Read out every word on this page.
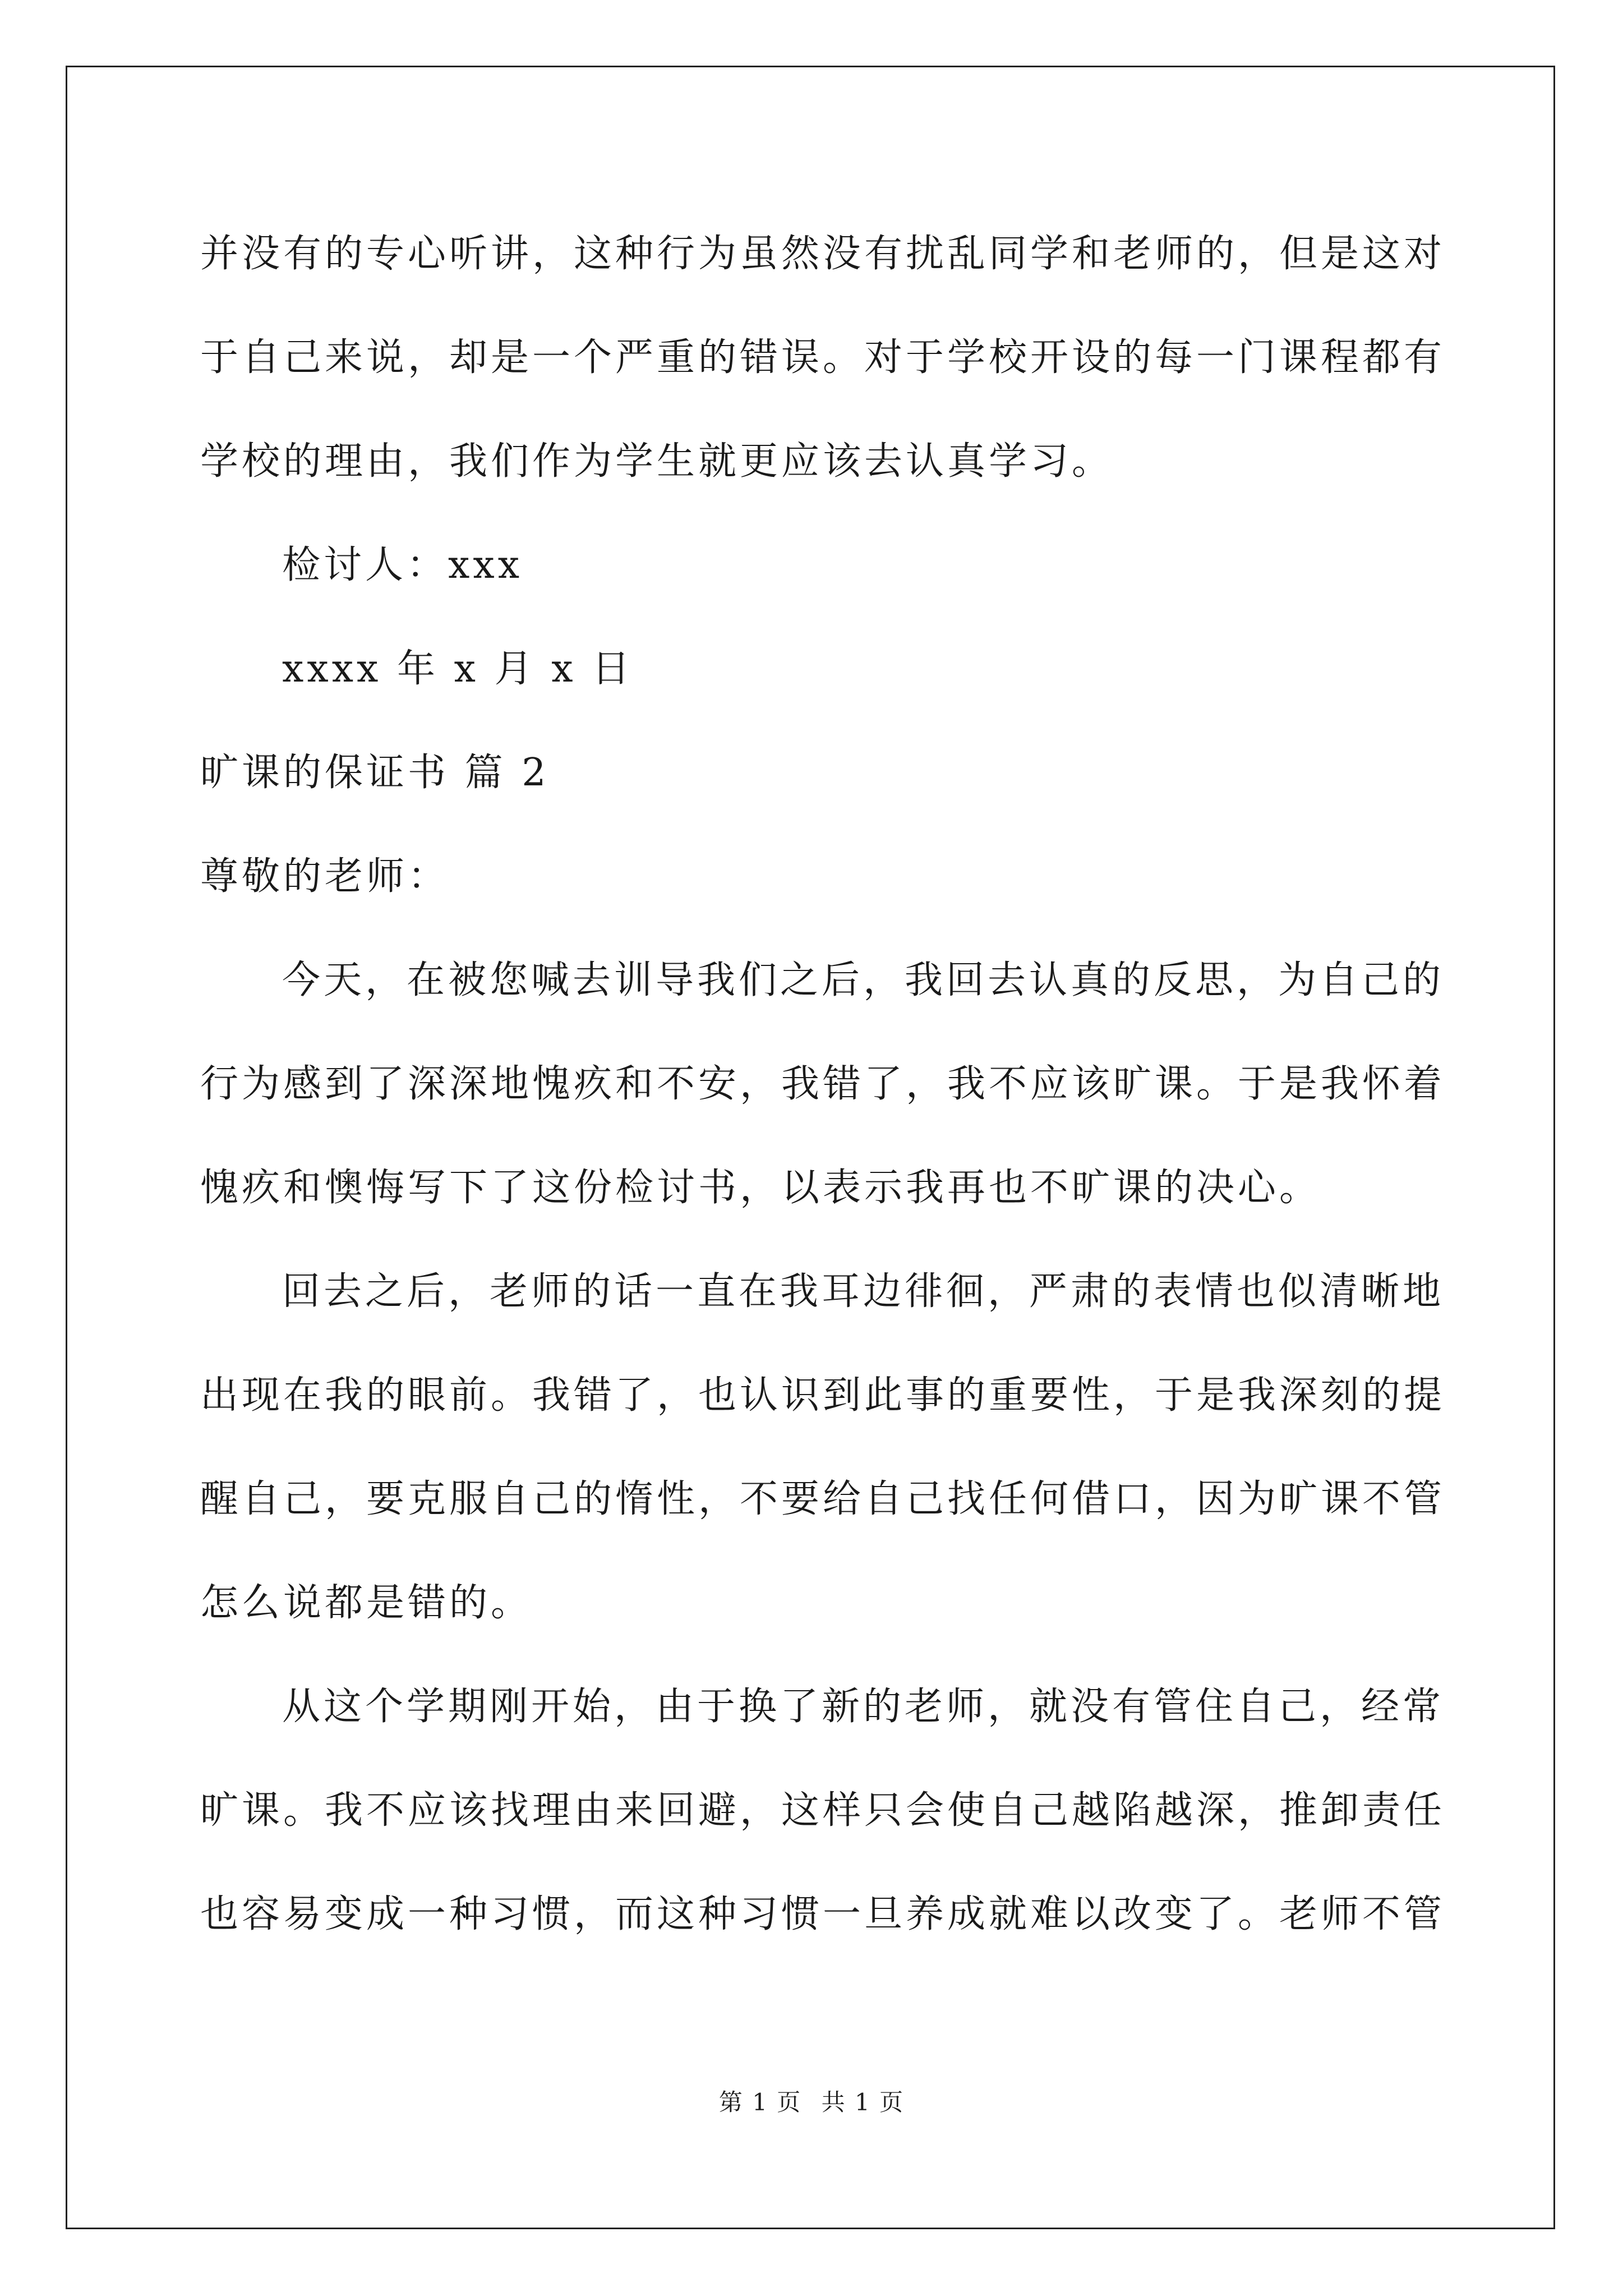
并没有的专心听讲，这种行为虽然没有扰乱同学和老师的，但是这对
于自己来说，却是一个严重的错误。对于学校开设的每一门课程都有
学校的理由，我们作为学生就更应该去认真学习。
检讨人：xxx
xxxx 年 x 月 x 日
旷课的保证书 篇 2
尊敬的老师：
今天，在被您喊去训导我们之后，我回去认真的反思，为自己的
行为感到了深深地愧疚和不安，我错了，我不应该旷课。于是我怀着
愧疚和懊悔写下了这份检讨书，以表示我再也不旷课的决心。
回去之后，老师的话一直在我耳边徘徊，严肃的表情也似清晰地
出现在我的眼前。我错了，也认识到此事的重要性，于是我深刻的提
醒自己，要克服自己的惰性，不要给自己找任何借口，因为旷课不管
怎么说都是错的。
从这个学期刚开始，由于换了新的老师，就没有管住自己，经常
旷课。我不应该找理由来回避，这样只会使自己越陷越深，推卸责任
也容易变成一种习惯，而这种习惯一旦养成就难以改变了。老师不管
第 1 页 共 1 页
